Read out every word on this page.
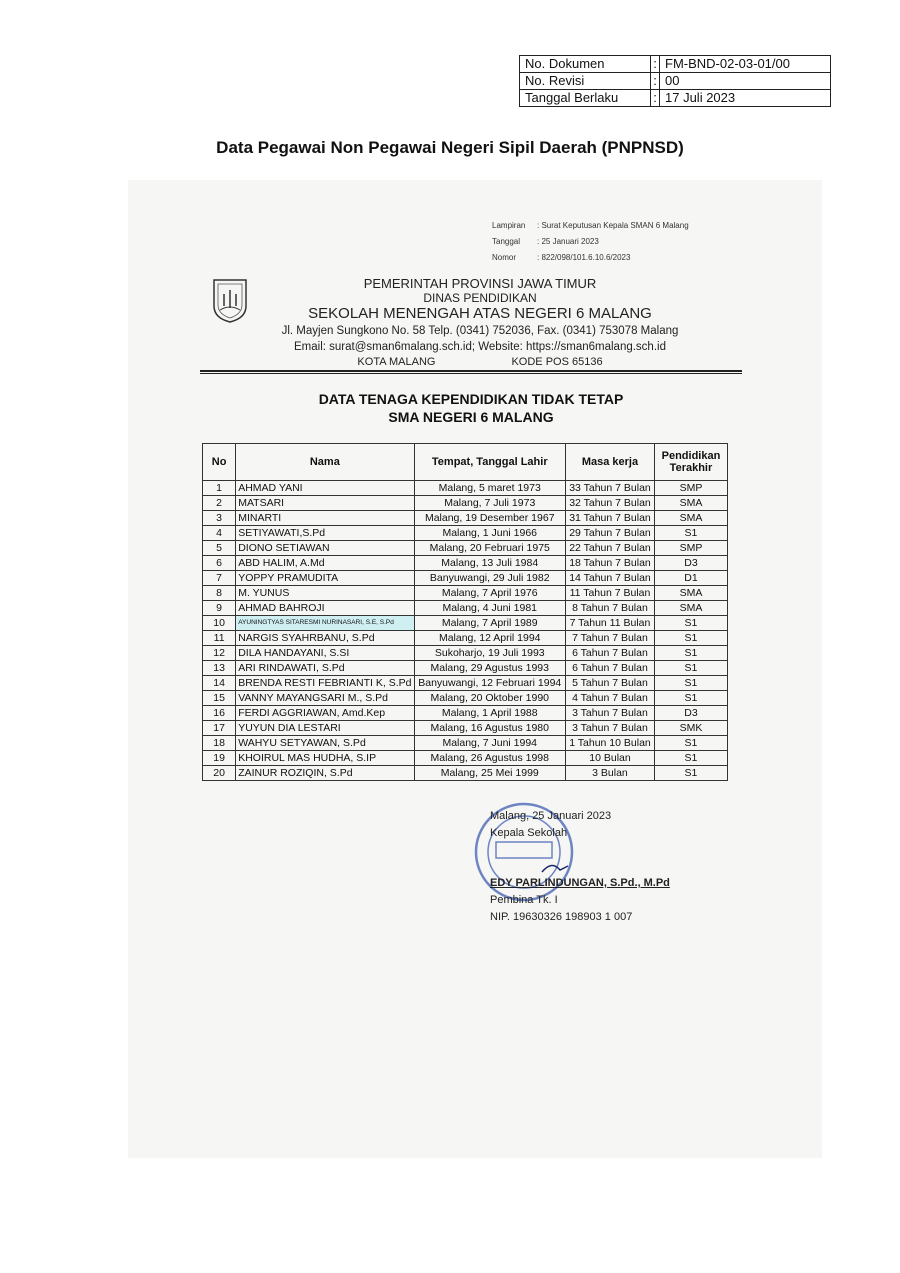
No. Dokumen	:	FM-BND-02-03-01/00
No. Revisi	:	00
Tanggal Berlaku	:	17 Juli 2023
Data Pegawai Non Pegawai Negeri Sipil Daerah (PNPNSD)
Lampiran	: Surat Keputusan Kepala SMAN 6 Malang
Tanggal	: 25 Januari 2023
Nomor	: 822/098/101.6.10.6/2023
PEMERINTAH PROVINSI JAWA TIMUR
DINAS PENDIDIKAN
SEKOLAH MENENGAH ATAS NEGERI 6 MALANG
Jl. Mayjen Sungkono No. 58 Telp. (0341) 752036, Fax. (0341) 753078 Malang
Email: surat@sman6malang.sch.id; Website: https://sman6malang.sch.id
KOTA MALANG	KODE POS 65136
DATA TENAGA KEPENDIDIKAN TIDAK TETAP
SMA NEGERI 6 MALANG
No	Nama	Tempat, Tanggal Lahir	Masa kerja	Pendidikan
Terakhir
1	AHMAD YANI	Malang, 5 maret 1973	33 Tahun 7 Bulan	SMP
2	MATSARI	Malang, 7 Juli 1973	32 Tahun 7 Bulan	SMA
3	MINARTI	Malang, 19 Desember 1967	31 Tahun 7 Bulan	SMA
4	SETIYAWATI,S.Pd	Malang, 1 Juni 1966	29 Tahun 7 Bulan	S1
5	DIONO SETIAWAN	Malang, 20 Februari 1975	22 Tahun 7 Bulan	SMP
6	ABD HALIM, A.Md	Malang, 13 Juli 1984	18 Tahun 7 Bulan	D3
7	YOPPY PRAMUDITA	Banyuwangi, 29 Juli 1982	14 Tahun 7 Bulan	D1
8	M. YUNUS	Malang, 7 April 1976	11 Tahun 7 Bulan	SMA
9	AHMAD BAHROJI	Malang, 4 Juni 1981	8 Tahun 7 Bulan	SMA
10	AYUNINGTYAS SITARESMI NURINASARI, S.E, S.Pd	Malang, 7 April 1989	7 Tahun 11 Bulan	S1
11	NARGIS SYAHRBANU, S.Pd	Malang, 12 April 1994	7 Tahun 7 Bulan	S1
12	DILA HANDAYANI, S.SI	Sukoharjo, 19 Juli 1993	6 Tahun 7 Bulan	S1
13	ARI RINDAWATI, S.Pd	Malang, 29 Agustus 1993	6 Tahun 7 Bulan	S1
14	BRENDA RESTI FEBRIANTI K, S.Pd	Banyuwangi, 12 Februari 1994	5 Tahun 7 Bulan	S1
15	VANNY MAYANGSARI M., S.Pd	Malang, 20 Oktober 1990	4 Tahun 7 Bulan	S1
16	FERDI AGGRIAWAN, Amd.Kep	Malang, 1 April 1988	3 Tahun 7 Bulan	D3
17	YUYUN DIA LESTARI	Malang, 16 Agustus 1980	3 Tahun 7 Bulan	SMK
18	WAHYU SETYAWAN, S.Pd	Malang, 7 Juni 1994	1 Tahun 10 Bulan	S1
19	KHOIRUL MAS HUDHA, S.IP	Malang, 26 Agustus 1998	10 Bulan	S1
20	ZAINUR ROZIQIN, S.Pd	Malang, 25 Mei 1999	3 Bulan	S1
Malang, 25 Januari 2023
Kepala Sekolah
EDY PARLINDUNGAN, S.Pd., M.Pd
Pembina Tk. I
NIP. 19630326 198903 1 007
